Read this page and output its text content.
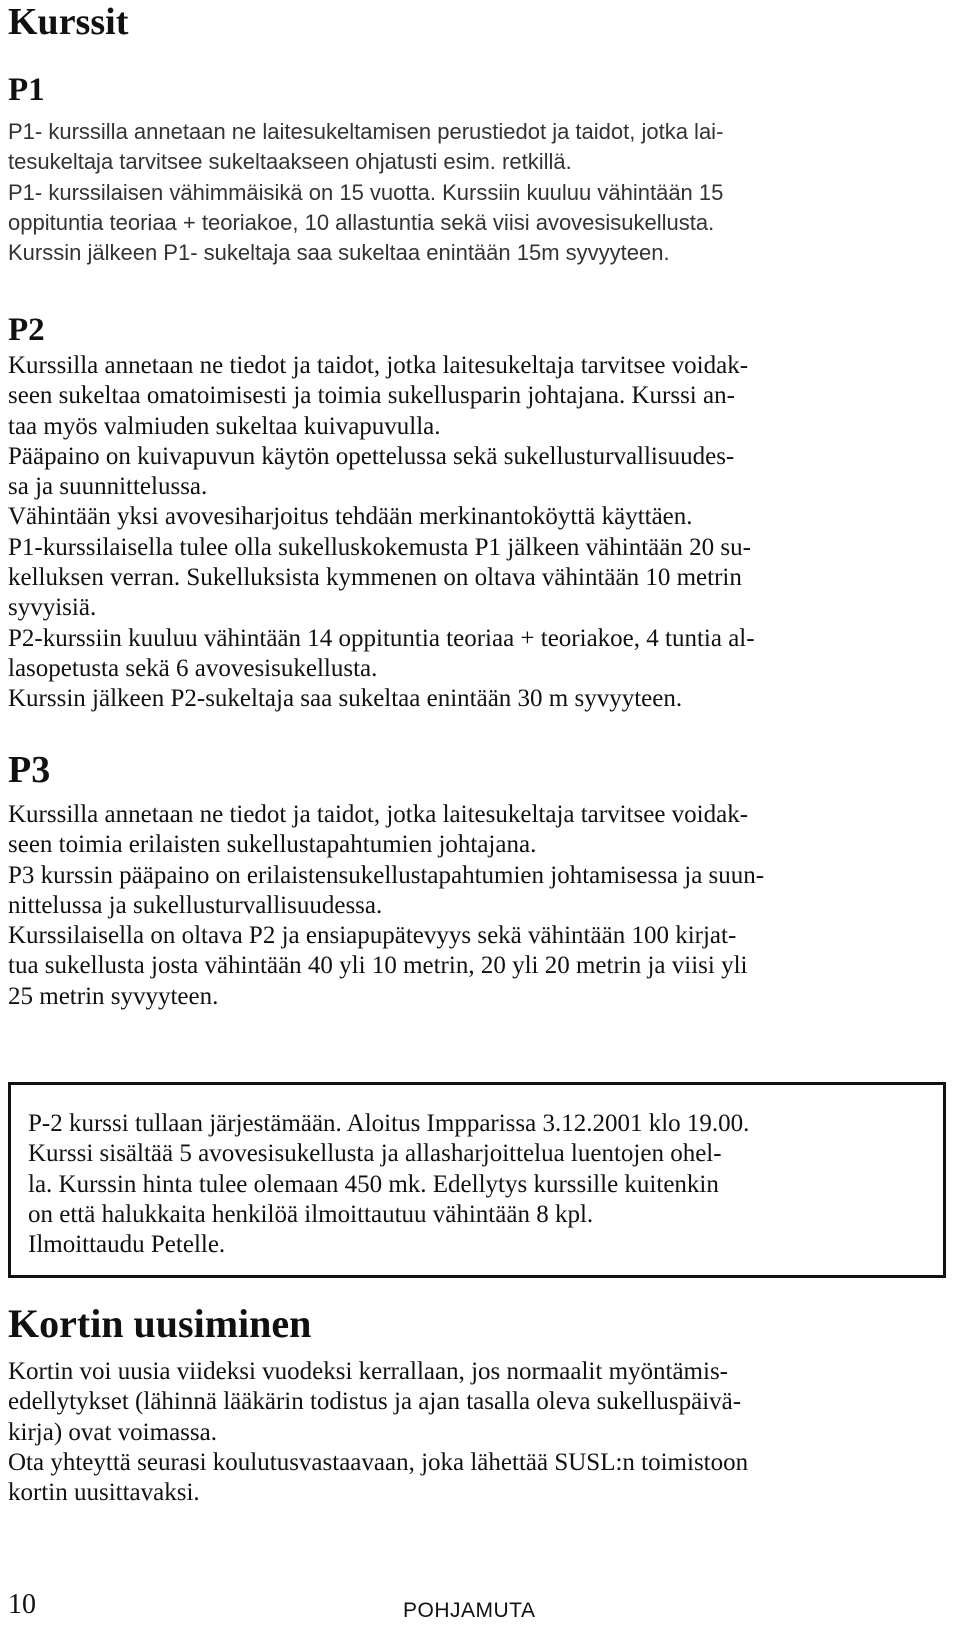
Kurssit
P1
P1- kurssilla annetaan ne laitesukeltamisen perustiedot ja taidot, jotka lai-
tesukeltaja tarvitsee sukeltaakseen ohjatusti esim. retkillä.
P1- kurssilaisen vähimmäisikä on 15 vuotta. Kurssiin kuuluu vähintään 15
oppituntia teoriaa + teoriakoe, 10 allastuntia sekä viisi avovesisukellusta.
Kurssin jälkeen P1- sukeltaja saa sukeltaa enintään 15m syvyyteen.
P2
Kurssilla annetaan ne tiedot ja taidot, jotka laitesukeltaja tarvitsee voidak-
seen sukeltaa omatoimisesti ja toimia sukellusparin johtajana. Kurssi an-
taa myös valmiuden sukeltaa kuivapuvulla.
Pääpaino on kuivapuvun käytön opettelussa sekä sukellusturvallisuudes-
sa ja suunnittelussa.
Vähintään yksi avovesiharjoitus tehdään merkinantoköyttä käyttäen.
P1-kurssilaisella tulee olla sukelluskokemusta P1 jälkeen vähintään 20 su-
kelluksen verran. Sukelluksista kymmenen on oltava vähintään 10 metrin
syvyisiä.
P2-kurssiin kuuluu vähintään 14 oppituntia teoriaa + teoriakoe, 4 tuntia al-
lasopetusta sekä 6 avovesisukellusta.
Kurssin jälkeen P2-sukeltaja saa sukeltaa enintään 30 m syvyyteen.
P3
Kurssilla annetaan ne tiedot ja taidot, jotka laitesukeltaja tarvitsee voidak-
seen toimia erilaisten sukellustapahtumien johtajana.
P3 kurssin pääpaino on erilaistensukellustapahtumien johtamisessa ja suun-
nittelussa ja sukellusturvallisuudessa.
Kurssilaisella on oltava P2 ja ensiapupätevyys sekä vähintään 100 kirjat-
tua sukellusta josta vähintään 40 yli 10 metrin, 20 yli 20 metrin ja viisi yli
25 metrin syvyyteen.
P-2 kurssi tullaan järjestämään. Aloitus Impparissa 3.12.2001 klo 19.00.
Kurssi sisältää 5 avovesisukellusta ja allasharjoittelua luentojen ohel-
la. Kurssin hinta tulee olemaan 450 mk. Edellytys kurssille kuitenkin
on että halukkaita henkilöä ilmoittautuu vähintään 8 kpl.
Ilmoittaudu Petelle.
Kortin uusiminen
Kortin voi uusia viideksi vuodeksi kerrallaan, jos normaalit myöntämis-
edellytykset (lähinnä lääkärin todistus ja ajan tasalla oleva sukelluspäivä-
kirja) ovat voimassa.
Ota yhteyttä seurasi koulutusvastaavaan, joka lähettää SUSL:n toimistoon
kortin uusittavaksi.
10	POHJAMUTA
